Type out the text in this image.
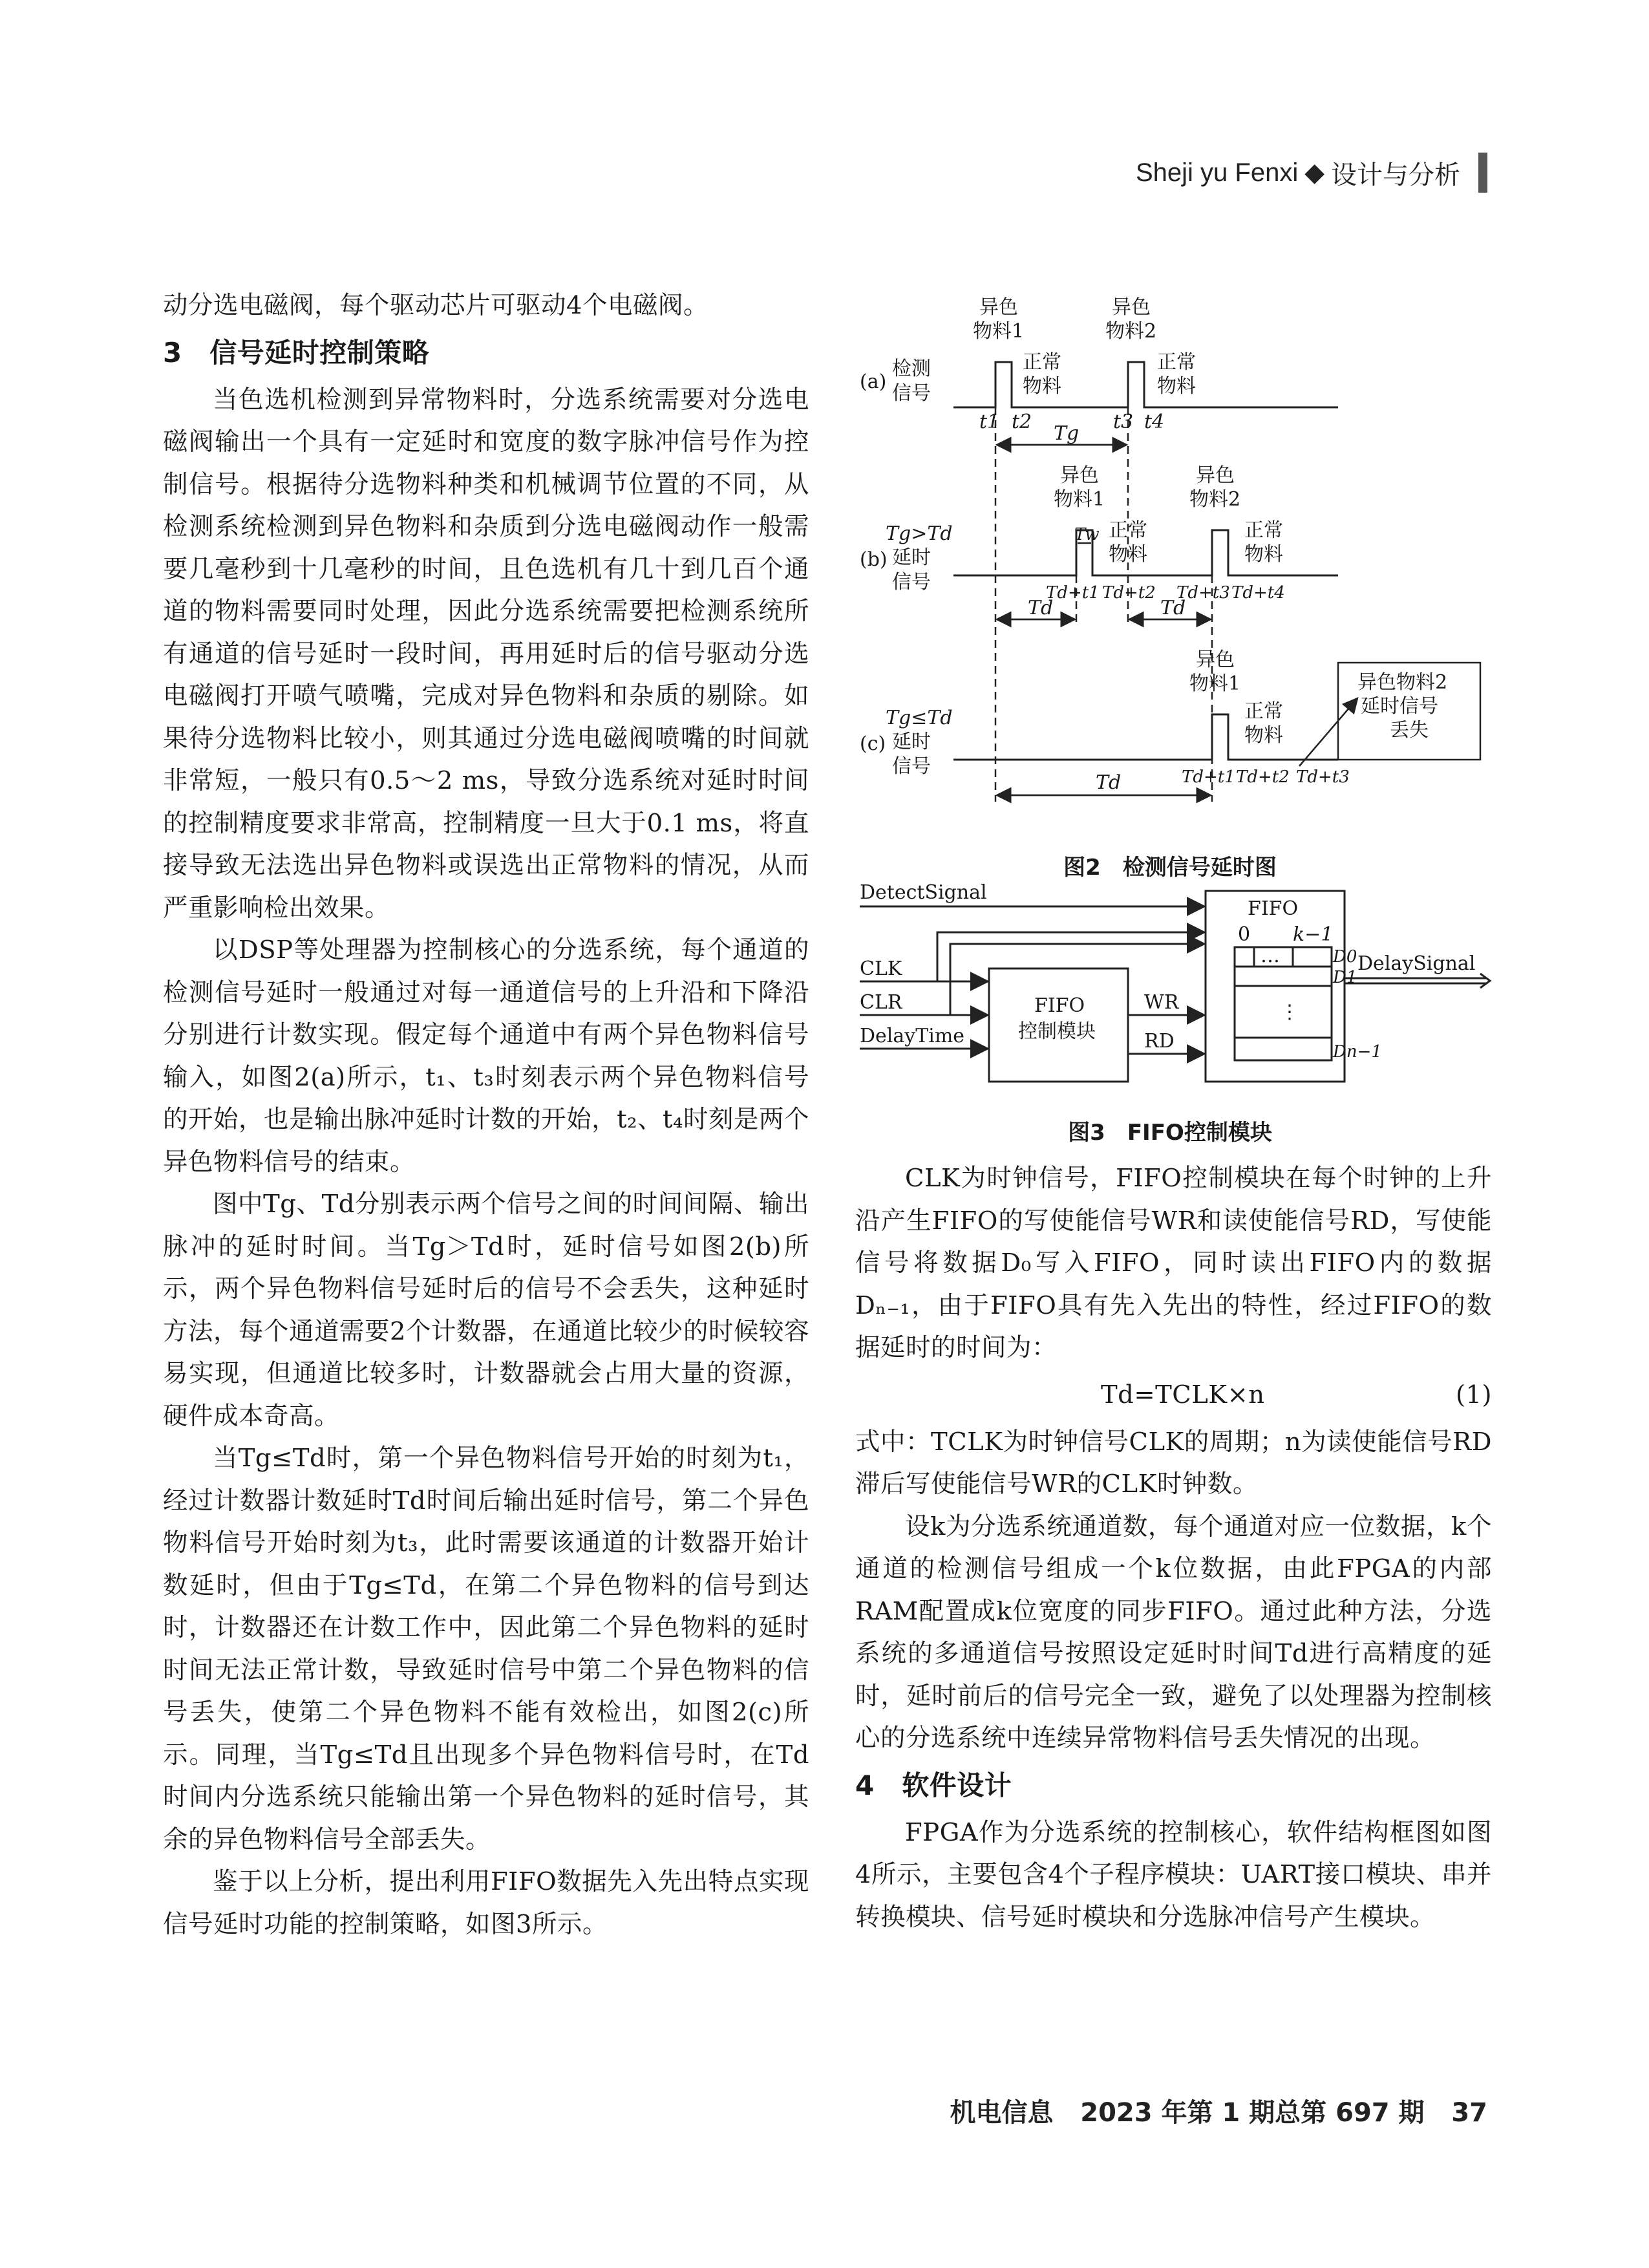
Sheji yu Fenxi ◆ 设计与分析

动分选电磁阀，每个驱动芯片可驱动4个电磁阀。

3　信号延时控制策略

当色选机检测到异常物料时，分选系统需要对分选电磁阀输出一个具有一定延时和宽度的数字脉冲信号作为控制信号。根据待分选物料种类和机械调节位置的不同，从检测系统检测到异色物料和杂质到分选电磁阀动作一般需要几毫秒到十几毫秒的时间，且色选机有几十到几百个通道的物料需要同时处理，因此分选系统需要把检测系统所有通道的信号延时一段时间，再用延时后的信号驱动分选电磁阀打开喷气喷嘴，完成对异色物料和杂质的剔除。如果待分选物料比较小，则其通过分选电磁阀喷嘴的时间就非常短，一般只有0.5～2 ms，导致分选系统对延时时间的控制精度要求非常高，控制精度一旦大于0.1 ms，将直接导致无法选出异色物料或误选出正常物料的情况，从而严重影响检出效果。

以DSP等处理器为控制核心的分选系统，每个通道的检测信号延时一般通过对每一通道信号的上升沿和下降沿分别进行计数实现。假定每个通道中有两个异色物料信号输入，如图2(a)所示，t₁、t₃时刻表示两个异色物料信号的开始，也是输出脉冲延时计数的开始，t₂、t₄时刻是两个异色物料信号的结束。

图中Tg、Td分别表示两个信号之间的时间间隔、输出脉冲的延时时间。当Tg＞Td时，延时信号如图2(b)所示，两个异色物料信号延时后的信号不会丢失，这种延时方法，每个通道需要2个计数器，在通道比较少的时候较容易实现，但通道比较多时，计数器就会占用大量的资源，硬件成本奇高。

当Tg≤Td时，第一个异色物料信号开始的时刻为t₁，经过计数器计数延时Td时间后输出延时信号，第二个异色物料信号开始时刻为t₃，此时需要该通道的计数器开始计数延时，但由于Tg≤Td，在第二个异色物料的信号到达时，计数器还在计数工作中，因此第二个异色物料的延时时间无法正常计数，导致延时信号中第二个异色物料的信号丢失，使第二个异色物料不能有效检出，如图2(c)所示。同理，当Tg≤Td且出现多个异色物料信号时，在Td时间内分选系统只能输出第一个异色物料的延时信号，其余的异色物料信号全部丢失。

鉴于以上分析，提出利用FIFO数据先入先出特点实现信号延时功能的控制策略，如图3所示。

(a)
检测
信号
异色
物料1
异色
物料2
正常
物料
正常
物料
t1 t2	t3 t4
Tg
(b)
Tg>Td
延时
信号
异色
物料1
异色
物料2
正常
物料
正常
物料
Tw
Td+t1 Td+t2 Td+t3 Td+t4
Td	Td
(c)
Tg≤Td
延时
信号
异色
物料1
正常
物料
Td+t1 Td+t2 Td+t3
Td
异色物料2
延时信号
丢失
图2　检测信号延时图
DetectSignal
CLK
CLR
DelayTime
FIFO
控制模块
WR
RD
FIFO
0 k−1
…
⋮
D0
D1
Dn−1
DelaySignal
图3　FIFO控制模块

CLK为时钟信号，FIFO控制模块在每个时钟的上升沿产生FIFO的写使能信号WR和读使能信号RD，写使能信号将数据D₀写入FIFO，同时读出FIFO内的数据Dₙ₋₁，由于FIFO具有先入先出的特性，经过FIFO的数据延时的时间为：

Td=TCLK×n	(1)

式中：TCLK为时钟信号CLK的周期；n为读使能信号RD滞后写使能信号WR的CLK时钟数。

设k为分选系统通道数，每个通道对应一位数据，k个通道的检测信号组成一个k位数据，由此FPGA的内部RAM配置成k位宽度的同步FIFO。通过此种方法，分选系统的多通道信号按照设定延时时间Td进行高精度的延时，延时前后的信号完全一致，避免了以处理器为控制核心的分选系统中连续异常物料信号丢失情况的出现。

4　软件设计

FPGA作为分选系统的控制核心，软件结构框图如图4所示，主要包含4个子程序模块：UART接口模块、串并转换模块、信号延时模块和分选脉冲信号产生模块。

机电信息 2023 年第 1 期总第 697 期 37
